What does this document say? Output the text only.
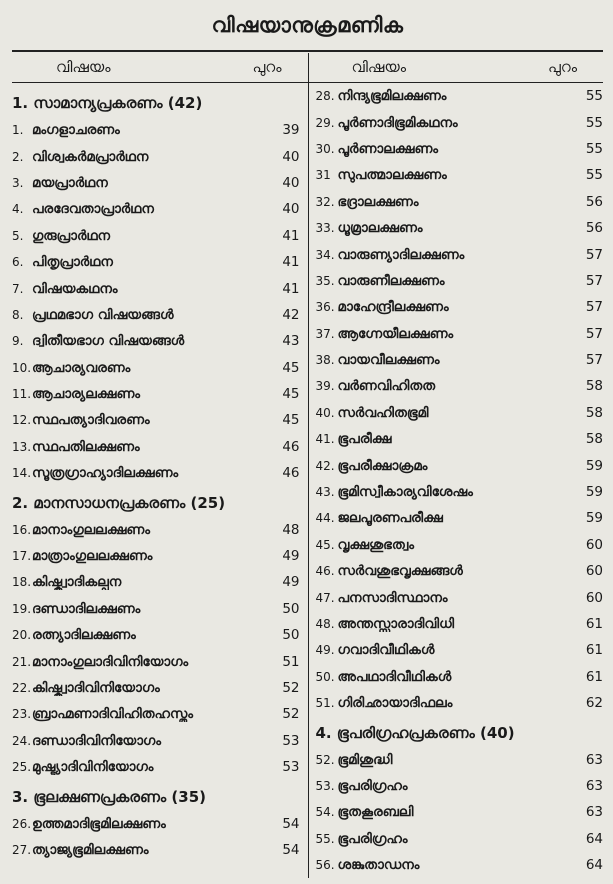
വിഷയാനുക്രമണിക
വിഷയം	പുറം	വിഷയം	പുറം
1. സാമാന്യപ്രകരണം (42)
1. മംഗളാചരണം	39
2. വിശ്വകർമപ്രാർഥന	40
3. മയപ്രാർഥന	40
4. പരദേവതാപ്രാർഥന	40
5. ഗുരുപ്രാർഥന	41
6. പിതൃപ്രാർഥന	41
7. വിഷയകഥനം	41
8. പ്രഥമഭാഗ വിഷയങ്ങൾ	42
9. ദ്വിതീയഭാഗ വിഷയങ്ങൾ	43
10. ആചാര്യവരണം	45
11. ആചാര്യലക്ഷണം	45
12. സ്ഥപത്യാദിവരണം	45
13. സ്ഥപതിലക്ഷണം	46
14. സൂത്രഗ്രാഹ്യാദിലക്ഷണം	46
2. മാനസാധനപ്രകരണം (25)
16. മാനാംഗുലലക്ഷണം	48
17. മാത്രാംഗുലലക്ഷണം	49
18. കിഷ്ക്വാദികല്പന	49
19. ദണ്ഡാദിലക്ഷണം	50
20. രത്ന്യാദിലക്ഷണം	50
21. മാനാംഗുലാദിവിനിയോഗം	51
22. കിഷ്ക്വാദിവിനിയോഗം	52
23. ബ്രാഹ്മണാദിവിഹിതഹസ്തം	52
24. ദണ്ഡാദിവിനിയോഗം	53
25. മുഷ്ട്യാദിവിനിയോഗം	53
3. ഭൂലക്ഷണപ്രകരണം (35)
26. ഉത്തമാദിഭൂമിലക്ഷണം	54
27. ത്യാജ്യഭൂമിലക്ഷണം	54
28. നിന്ദ്യഭൂമിലക്ഷണം	55
29. പൂർണാദിഭൂമികഥനം	55
30. പൂർണാലക്ഷണം	55
31 സുപത്മാലക്ഷണം	55
32. ഭദ്രാലക്ഷണം	56
33. ധൂമ്രാലക്ഷണം	56
34. വാരുണ്യാദിലക്ഷണം	57
35. വാരുണീലക്ഷണം	57
36. മാഹേന്ദ്രീലക്ഷണം	57
37. ആഗ്നേയീലക്ഷണം	57
38. വായവീലക്ഷണം	57
39. വർണവിഹിതത	58
40. സർവഹിതഭൂമി	58
41. ഭൂപരീക്ഷ	58
42. ഭൂപരീക്ഷാക്രമം	59
43. ഭൂമിസ്വീകാര്യവിശേഷം	59
44. ജലപൂരണപരീക്ഷ	59
45. വൃക്ഷശുഭത്വം	60
46. സർവശുഭവൃക്ഷങ്ങൾ	60
47. പനസാദിസ്ഥാനം	60
48. അന്തസ്സാരാദിവിധി	61
49. ഗവാദിവീഥികൾ	61
50. അപഥാദിവീഥികൾ	61
51. ഗിരിഛായാദിഫലം	62
4. ഭൂപരിഗ്രഹപ്രകരണം (40)
52. ഭൂമിശുദ്ധി	63
53. ഭൂപരിഗ്രഹം	63
54. ഭൂതകൂരബലി	63
55. ഭൂപരിഗ്രഹം	64
56. ശങ്കുതാഡനം	64
